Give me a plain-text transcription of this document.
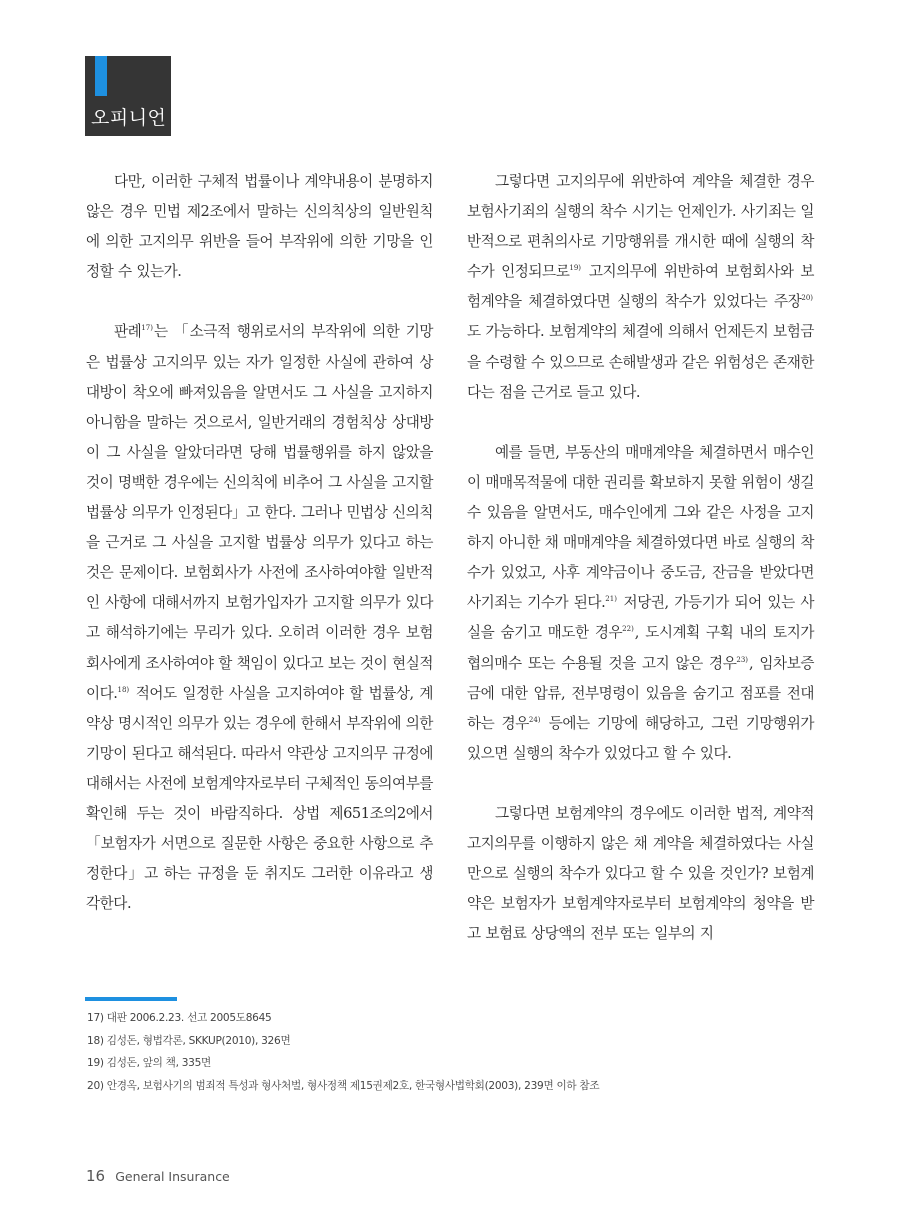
오피니언

다만, 이러한 구체적 법률이나 계약내용이 분명하지 않은 경우 민법 제2조에서 말하는 신의칙상의 일반원칙에 의한 고지의무 위반을 들어 부작위에 의한 기망을 인정할 수 있는가.

판례$^{17)}$는 「소극적 행위로서의 부작위에 의한 기망은 법률상 고지의무 있는 자가 일정한 사실에 관하여 상대방이 착오에 빠져있음을 알면서도 그 사실을 고지하지 아니함을 말하는 것으로서, 일반거래의 경험칙상 상대방이 그 사실을 알았더라면 당해 법률행위를 하지 않았을 것이 명백한 경우에는 신의칙에 비추어 그 사실을 고지할 법률상 의무가 인정된다」고 한다. 그러나 민법상 신의칙을 근거로 그 사실을 고지할 법률상 의무가 있다고 하는 것은 문제이다. 보험회사가 사전에 조사하여야할 일반적인 사항에 대해서까지 보험가입자가 고지할 의무가 있다고 해석하기에는 무리가 있다. 오히려 이러한 경우 보험회사에게 조사하여야 할 책임이 있다고 보는 것이 현실적이다.$^{18)}$ 적어도 일정한 사실을 고지하여야 할 법률상, 계약상 명시적인 의무가 있는 경우에 한해서 부작위에 의한 기망이 된다고 해석된다. 따라서 약관상 고지의무 규정에 대해서는 사전에 보험계약자로부터 구체적인 동의여부를 확인해 두는 것이 바람직하다. 상법 제651조의2에서 「보험자가 서면으로 질문한 사항은 중요한 사항으로 추정한다」고 하는 규정을 둔 취지도 그러한 이유라고 생각한다.

그렇다면 고지의무에 위반하여 계약을 체결한 경우 보험사기죄의 실행의 착수 시기는 언제인가. 사기죄는 일반적으로 편취의사로 기망행위를 개시한 때에 실행의 착수가 인정되므로$^{19)}$ 고지의무에 위반하여 보험회사와 보험계약을 체결하였다면 실행의 착수가 있었다는 주장$^{20)}$도 가능하다. 보험계약의 체결에 의해서 언제든지 보험금을 수령할 수 있으므로 손해발생과 같은 위험성은 존재한다는 점을 근거로 들고 있다.

예를 들면, 부동산의 매매계약을 체결하면서 매수인이 매매목적물에 대한 권리를 확보하지 못할 위험이 생길 수 있음을 알면서도, 매수인에게 그와 같은 사정을 고지하지 아니한 채 매매계약을 체결하였다면 바로 실행의 착수가 있었고, 사후 계약금이나 중도금, 잔금을 받았다면 사기죄는 기수가 된다.$^{21)}$ 저당권, 가등기가 되어 있는 사실을 숨기고 매도한 경우$^{22)}$, 도시계획 구획 내의 토지가 협의매수 또는 수용될 것을 고지 않은 경우$^{23)}$, 임차보증금에 대한 압류, 전부명령이 있음을 숨기고 점포를 전대하는 경우$^{24)}$ 등에는 기망에 해당하고, 그런 기망행위가 있으면 실행의 착수가 있었다고 할 수 있다.

그렇다면 보험계약의 경우에도 이러한 법적, 계약적 고지의무를 이행하지 않은 채 계약을 체결하였다는 사실만으로 실행의 착수가 있다고 할 수 있을 것인가? 보험계약은 보험자가 보험계약자로부터 보험계약의 청약을 받고 보험료 상당액의 전부 또는 일부의 지

17) 대판 2006.2.23. 선고 2005도8645
18) 김성돈, 형법각론, SKKUP(2010), 326면
19) 김성돈, 앞의 책, 335면
20) 안경옥, 보험사기의 범죄적 특성과 형사처벌, 형사정책 제15권제2호, 한국형사법학회(2003), 239면 이하 참조
16 General Insurance
